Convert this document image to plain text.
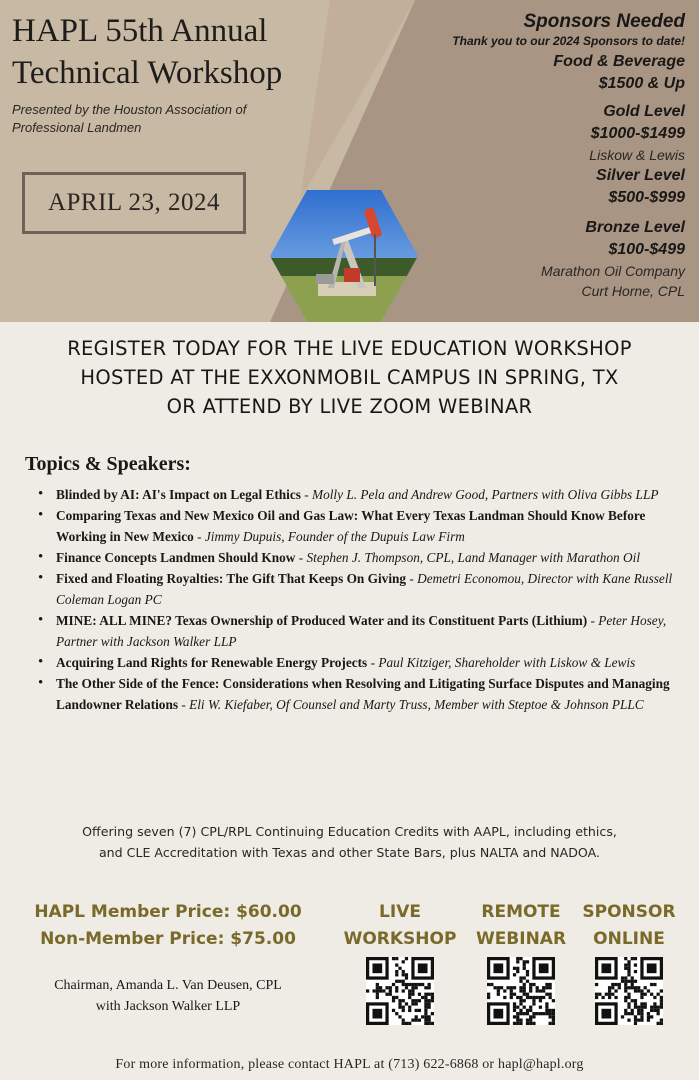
HAPL 55th Annual
Technical Workshop
Presented by the Houston Association of Professional Landmen
APRIL 23, 2024
Sponsors Needed
Thank you to our 2024 Sponsors to date!
Food & Beverage
$1500 & Up
Gold Level
$1000-$1499
Liskow & Lewis
Silver Level
$500-$999
Bronze Level
$100-$499
Marathon Oil Company
Curt Horne, CPL
REGISTER TODAY FOR THE LIVE EDUCATION WORKSHOP
HOSTED AT THE EXXONMOBIL CAMPUS IN SPRING, TX
OR ATTEND BY LIVE ZOOM WEBINAR
Topics & Speakers:
• Blinded by AI: AI's Impact on Legal Ethics - Molly L. Pela and Andrew Good, Partners with Oliva Gibbs LLP
• Comparing Texas and New Mexico Oil and Gas Law: What Every Texas Landman Should Know Before Working in New Mexico - Jimmy Dupuis, Founder of the Dupuis Law Firm
• Finance Concepts Landmen Should Know - Stephen J. Thompson, CPL, Land Manager with Marathon Oil
• Fixed and Floating Royalties: The Gift That Keeps On Giving - Demetri Economou, Director with Kane Russell Coleman Logan PC
• MINE: ALL MINE? Texas Ownership of Produced Water and its Constituent Parts (Lithium) - Peter Hosey, Partner with Jackson Walker LLP
• Acquiring Land Rights for Renewable Energy Projects - Paul Kitziger, Shareholder with Liskow & Lewis
• The Other Side of the Fence: Considerations when Resolving and Litigating Surface Disputes and Managing Landowner Relations - Eli W. Kiefaber, Of Counsel and Marty Truss, Member with Steptoe & Johnson PLLC
Offering seven (7) CPL/RPL Continuing Education Credits with AAPL, including ethics,
and CLE Accreditation with Texas and other State Bars, plus NALTA and NADOA.
HAPL Member Price: $60.00
Non-Member Price: $75.00
Chairman, Amanda L. Van Deusen, CPL
with Jackson Walker LLP
LIVE
WORKSHOP
REMOTE
WEBINAR
SPONSOR
ONLINE
For more information, please contact HAPL at (713) 622-6868 or hapl@hapl.org
